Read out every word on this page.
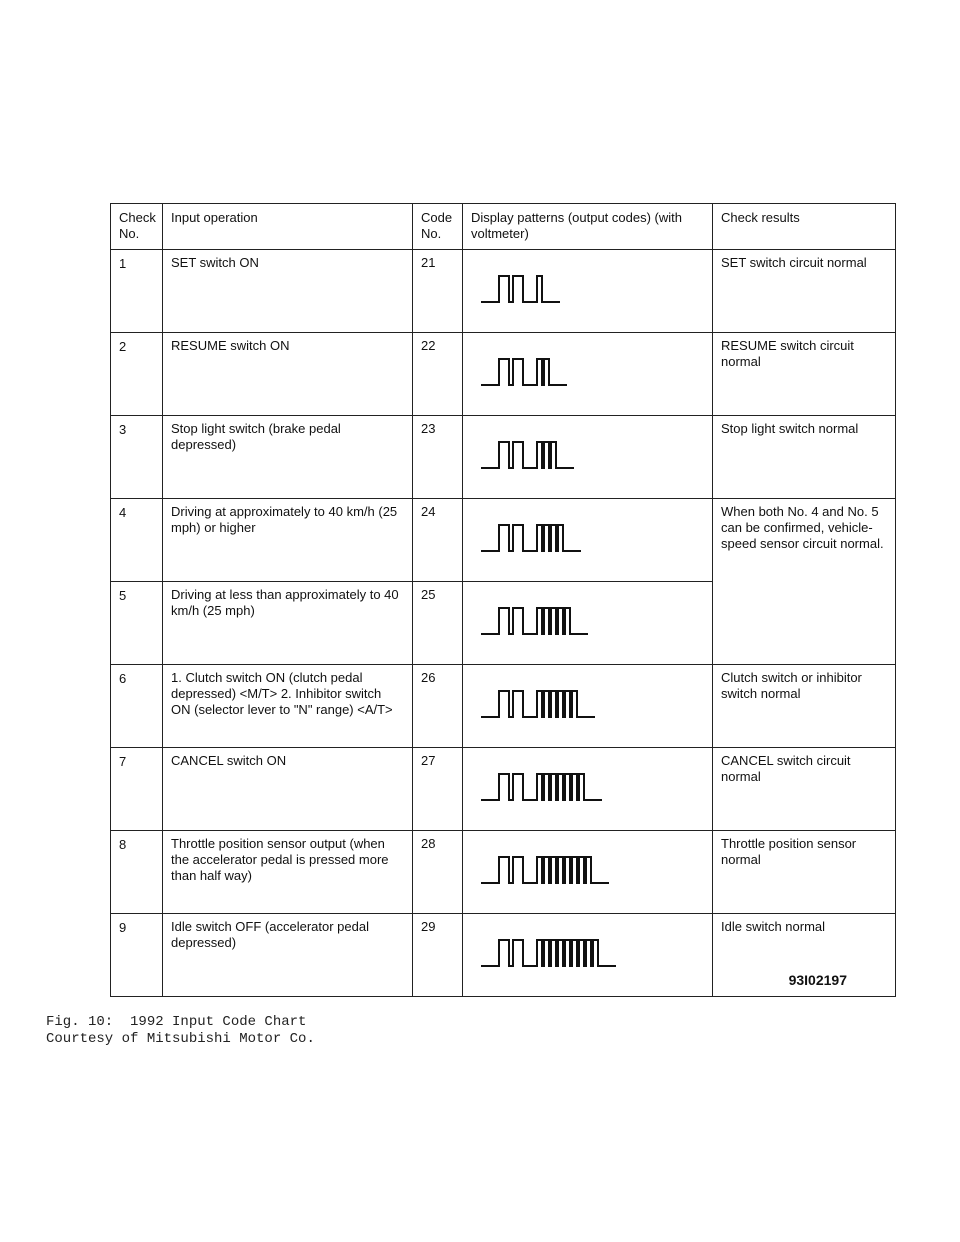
Check No.	Input operation	Code No.	Display patterns (output codes) (with voltmeter)	Check results
1	SET switch ON	21		SET switch circuit normal
2	RESUME switch ON	22		RESUME switch circuit normal
3	Stop light switch (brake pedal depressed)	23		Stop light switch normal
4	Driving at approximately to 40 km/h (25 mph) or higher	24		When both No. 4 and No. 5 can be confirmed, vehicle-speed sensor circuit normal.
5	Driving at less than approximately to 40 km/h (25 mph)	25	

6	1. Clutch switch ON (clutch pedal depressed) <M/T> 2. Inhibitor switch ON (selector lever to "N" range) <A/T>	26		Clutch switch or inhibitor switch normal
7	CANCEL switch ON	27		CANCEL switch circuit normal
8	Throttle position sensor output (when the accelerator pedal is pressed more than half way)	28		Throttle position sensor normal
9	Idle switch OFF (accelerator pedal depressed)	29		Idle switch normal
93I02197
Fig. 10:  1992 Input Code Chart
Courtesy of Mitsubishi Motor Co.
